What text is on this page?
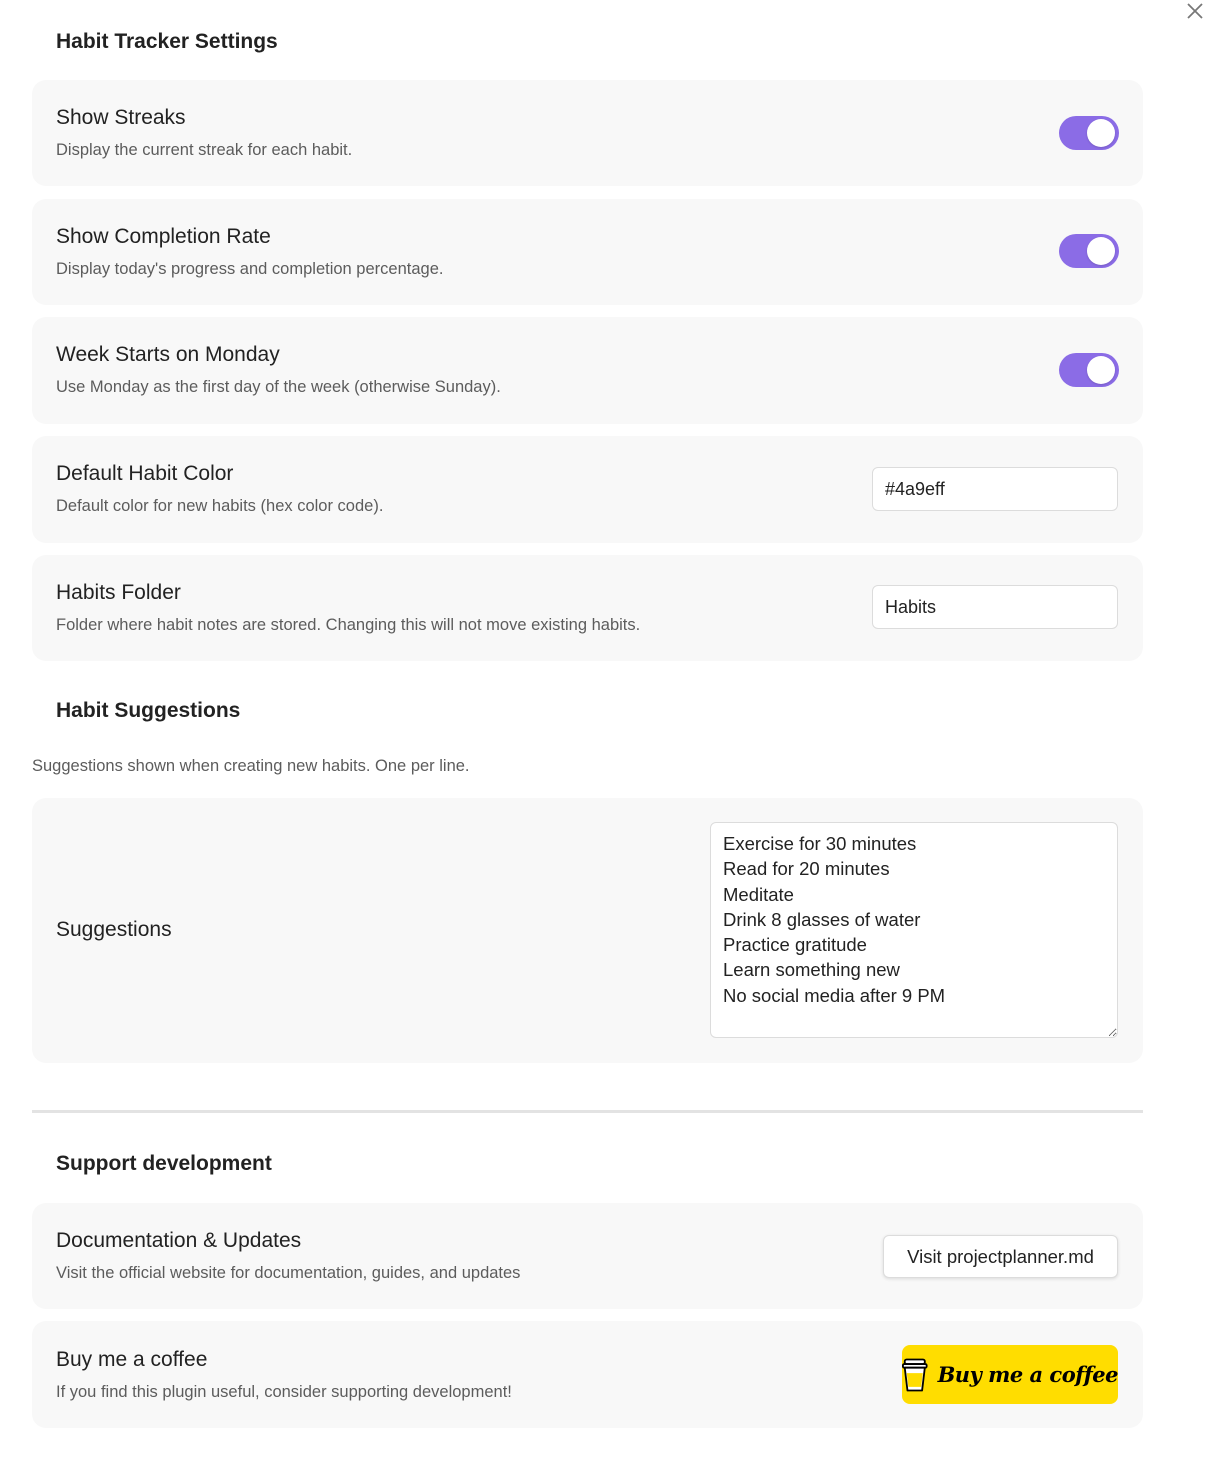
Habit Tracker Settings
Show Streaks
Display the current streak for each habit.
Show Completion Rate
Display today's progress and completion percentage.
Week Starts on Monday
Use Monday as the first day of the week (otherwise Sunday).
Default Habit Color
Default color for new habits (hex color code).
#4a9eff
Habits Folder
Folder where habit notes are stored. Changing this will not move existing habits.
Habits
Habit Suggestions
Suggestions shown when creating new habits. One per line.
Suggestions
Exercise for 30 minutes Read for 20 minutes Meditate Drink 8 glasses of water Practice gratitude Learn something new No social media after 9 PM
Support development
Documentation & Updates
Visit the official website for documentation, guides, and updates
Visit projectplanner.md
Buy me a coffee
If you find this plugin useful, consider supporting development!
Buy me a coffee
